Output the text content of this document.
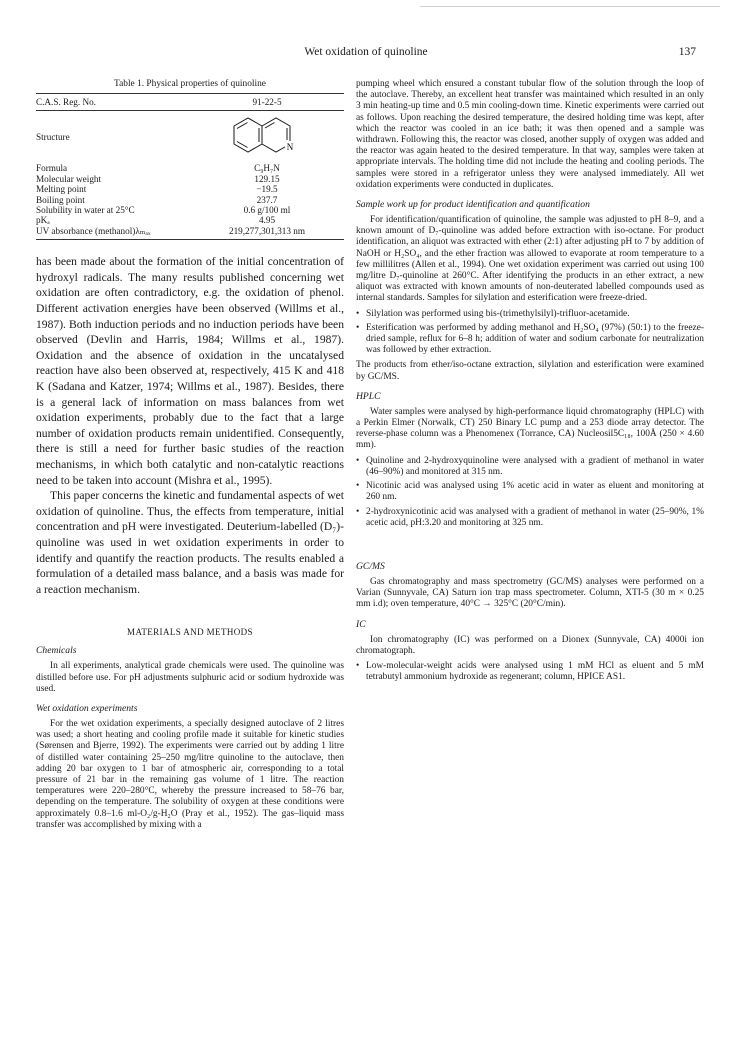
Wet oxidation of quinoline	137

Table 1. Physical properties of quinoline

C.A.S. Reg. No.	91-22-5
Structure	N

Formula	C₉H₇N
Molecular weight	129.15
Melting point	−19.5
Boiling point	237.7
Solubility in water at 25°C	0.6 g/100 ml
pKₐ	4.95
UV absorbance (methanol)λₘₐₓ	219,277,301,313 nm

has been made about the formation of the initial concentration of hydroxyl radicals. The many results published concerning wet oxidation are often contradictory, e.g. the oxidation of phenol. Different activation energies have been observed (Willms et al., 1987). Both induction periods and no induction periods have been observed (Devlin and Harris, 1984; Willms et al., 1987). Oxidation and the absence of oxidation in the uncatalysed reaction have also been observed at, respectively, 415 K and 418 K (Sadana and Katzer, 1974; Willms et al., 1987). Besides, there is a general lack of information on mass balances from wet oxidation experiments, probably due to the fact that a large number of oxidation products remain unidentified. Consequently, there is still a need for further basic studies of the reaction mechanisms, in which both catalytic and non-catalytic reactions need to be taken into account (Mishra et al., 1995).

This paper concerns the kinetic and fundamental aspects of wet oxidation of quinoline. Thus, the effects from temperature, initial concentration and pH were investigated. Deuterium-labelled (D₇)-quinoline was used in wet oxidation experiments in order to identify and quantify the reaction products. The results enabled a formulation of a detailed mass balance, and a basis was made for a reaction mechanism.

MATERIALS AND METHODS

Chemicals

In all experiments, analytical grade chemicals were used. The quinoline was distilled before use. For pH adjustments sulphuric acid or sodium hydroxide was used.

Wet oxidation experiments

For the wet oxidation experiments, a specially designed autoclave of 2 litres was used; a short heating and cooling profile made it suitable for kinetic studies (Sørensen and Bjerre, 1992). The experiments were carried out by adding 1 litre of distilled water containing 25–250 mg/litre quinoline to the autoclave, then adding 20 bar oxygen to 1 bar of atmospheric air, corresponding to a total pressure of 21 bar in the remaining gas volume of 1 litre. The reaction temperatures were 220–280°C, whereby the pressure increased to 58–76 bar, depending on the temperature. The solubility of oxygen at these conditions were approximately 0.8–1.6 ml-O₂/g-H₂O (Pray et al., 1952). The gas–liquid mass transfer was accomplished by mixing with a

pumping wheel which ensured a constant tubular flow of the solution through the loop of the autoclave. Thereby, an excellent heat transfer was maintained which resulted in an only 3 min heating-up time and 0.5 min cooling-down time. Kinetic experiments were carried out as follows. Upon reaching the desired temperature, the desired holding time was kept, after which the reactor was cooled in an ice bath; it was then opened and a sample was withdrawn. Following this, the reactor was closed, another supply of oxygen was added and the reactor was again heated to the desired temperature. In that way, samples were taken at appropriate intervals. The holding time did not include the heating and cooling periods. The samples were stored in a refrigerator unless they were analysed immediately. All wet oxidation experiments were conducted in duplicates.

Sample work up for product identification and quantification

For identification/quantification of quinoline, the sample was adjusted to pH 8–9, and a known amount of D₇-quinoline was added before extraction with iso-octane. For product identification, an aliquot was extracted with ether (2:1) after adjusting pH to 7 by addition of NaOH or H₂SO₄, and the ether fraction was allowed to evaporate at room temperature to a few millilitres (Allen et al., 1994). One wet oxidation experiment was carried out using 100 mg/litre D₇-quinoline at 260°C. After identifying the products in an ether extract, a new aliquot was extracted with known amounts of non-deuterated labelled compounds used as internal standards. Samples for silylation and esterification were freeze-dried.

• Silylation was performed using bis-(trimethylsilyl)-trifluor-acetamide.
• Esterification was performed by adding methanol and H₂SO₄ (97%) (50:1) to the freeze-dried sample, reflux for 6–8 h; addition of water and sodium carbonate for neutralization was followed by ether extraction.

The products from ether/iso-octane extraction, silylation and esterification were examined by GC/MS.

HPLC

Water samples were analysed by high-performance liquid chromatography (HPLC) with a Perkin Elmer (Norwalk, CT) 250 Binary LC pump and a 253 diode array detector. The reverse-phase column was a Phenomenex (Torrance, CA) Nucleosil5C₁₈, 100Å (250 × 4.60 mm).

• Quinoline and 2-hydroxyquinoline were analysed with a gradient of methanol in water (46–90%) and monitored at 315 nm.
• Nicotinic acid was analysed using 1% acetic acid in water as eluent and monitoring at 260 nm.
• 2-hydroxynicotinic acid was analysed with a gradient of methanol in water (25–90%, 1% acetic acid, pH:3.20 and monitoring at 325 nm.

GC/MS

Gas chromatography and mass spectrometry (GC/MS) analyses were performed on a Varian (Sunnyvale, CA) Saturn ion trap mass spectrometer. Column, XTI-5 (30 m × 0.25 mm i.d); oven temperature, 40°C → 325°C (20°C/min).

IC

Ion chromatography (IC) was performed on a Dionex (Sunnyvale, CA) 4000i ion chromatograph.

• Low-molecular-weight acids were analysed using 1 mM HCl as eluent and 5 mM tetrabutyl ammonium hydroxide as regenerant; column, HPICE AS1.
